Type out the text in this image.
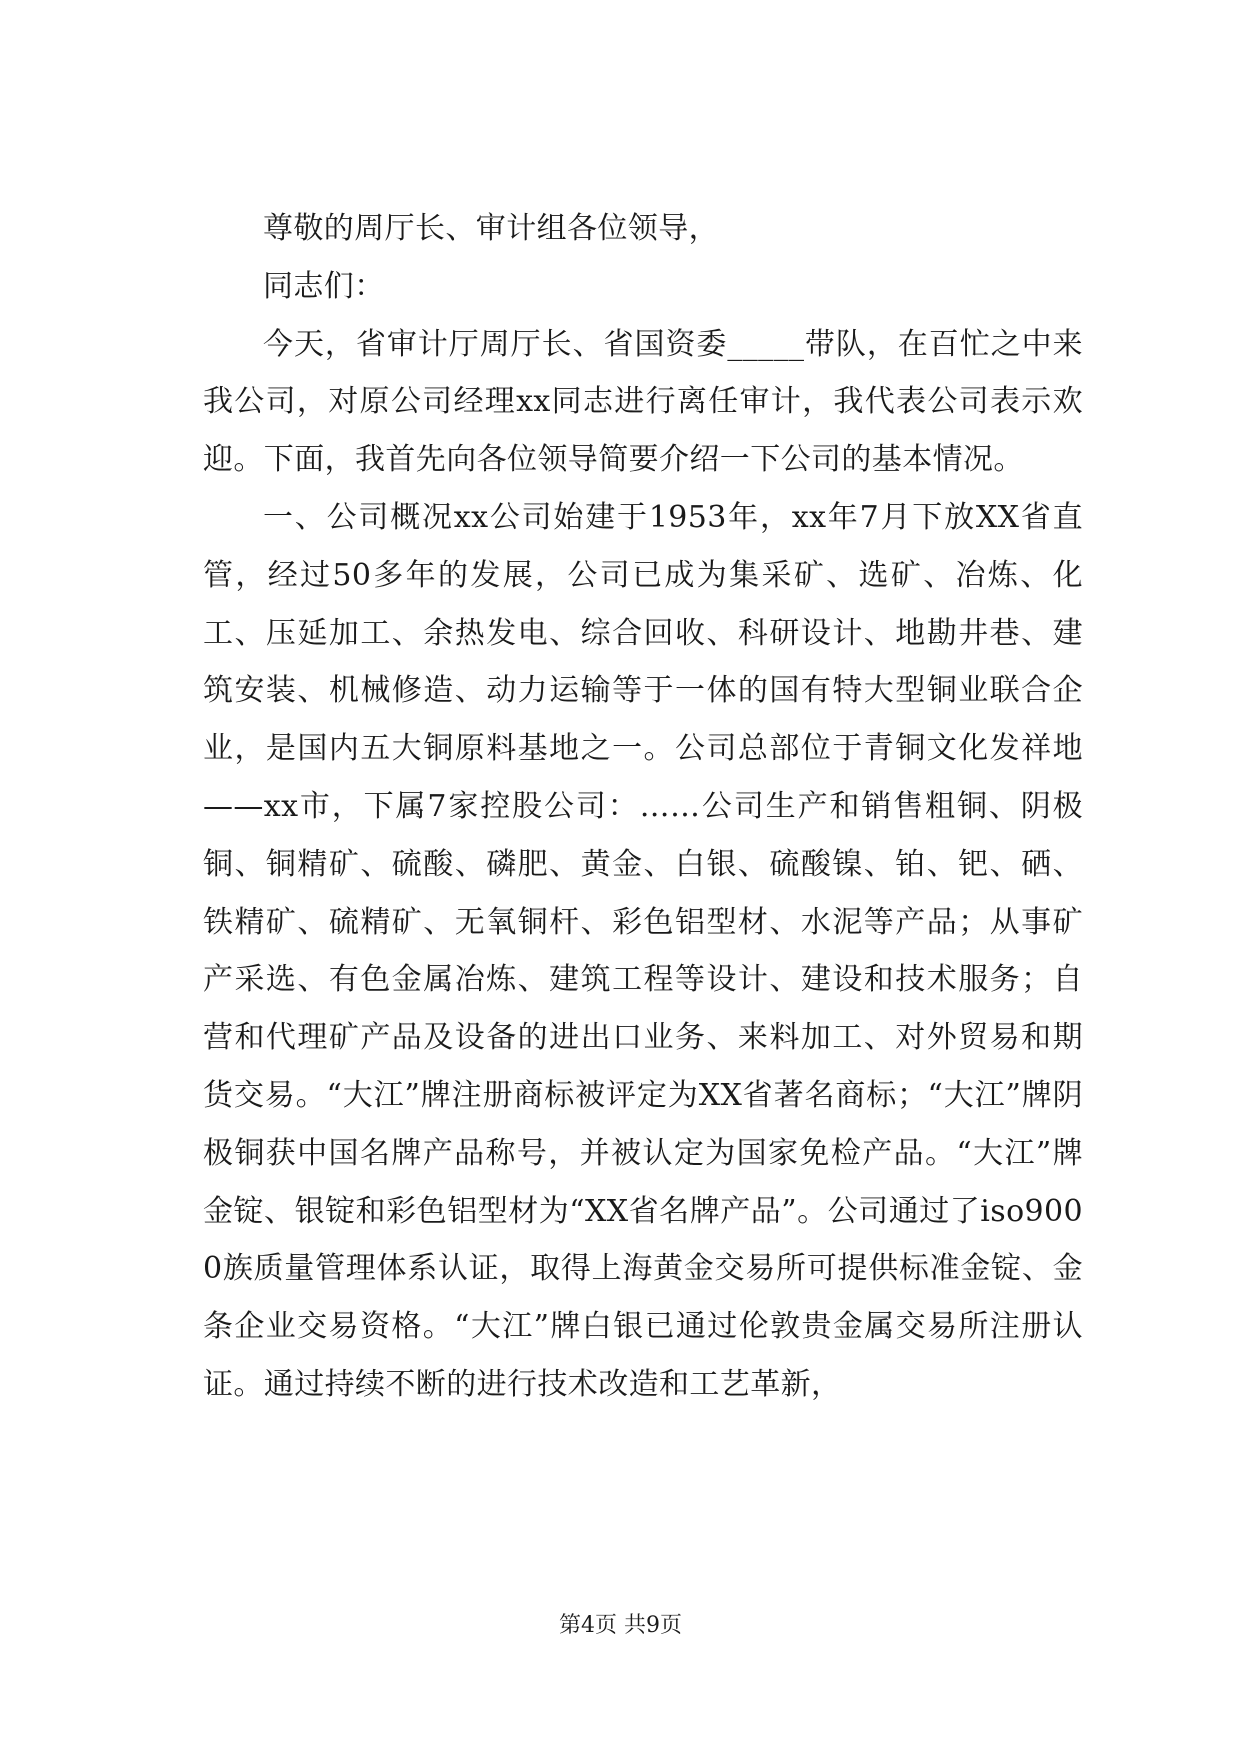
尊敬的周厅长、审计组各位领导，

同志们：

今天，省审计厅周厅长、省国资委_____带队，在百忙之中来我公司，对原公司经理xx同志进行离任审计，我代表公司表示欢迎。下面，我首先向各位领导简要介绍一下公司的基本情况。

一、公司概况xx公司始建于1953年，xx年7月下放XX省直管，经过50多年的发展，公司已成为集采矿、选矿、冶炼、化工、压延加工、余热发电、综合回收、科研设计、地勘井巷、建筑安装、机械修造、动力运输等于一体的国有特大型铜业联合企业，是国内五大铜原料基地之一。公司总部位于青铜文化发祥地——xx市，下属7家控股公司：……公司生产和销售粗铜、阴极铜、铜精矿、硫酸、磷肥、黄金、白银、硫酸镍、铂、钯、硒、铁精矿、硫精矿、无氧铜杆、彩色铝型材、水泥等产品；从事矿产采选、有色金属冶炼、建筑工程等设计、建设和技术服务；自营和代理矿产品及设备的进出口业务、来料加工、对外贸易和期货交易。“大江”牌注册商标被评定为XX省著名商标；“大江”牌阴极铜获中国名牌产品称号，并被认定为国家免检产品。“大江”牌金锭、银锭和彩色铝型材为“XX省名牌产品”。公司通过了iso9000族质量管理体系认证，取得上海黄金交易所可提供标准金锭、金条企业交易资格。“大江”牌白银已通过伦敦贵金属交易所注册认证。通过持续不断的进行技术改造和工艺革新，

第4页 共9页
